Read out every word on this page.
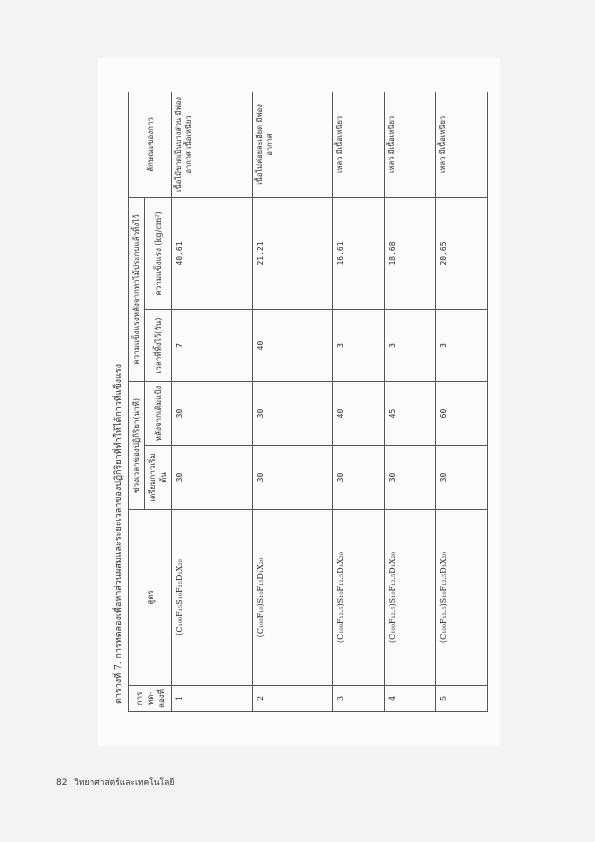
ตารางที่ 7. การทดลองเพื่อหาส่วนผสมและระยะเวลาของปฏิกิริยาที่ทำให้ได้กาวที่แข็งแรง การทด-ลองที่	สูตร	ช่วงเวลาของปฏิกิริยา(นาที)		ความแข็งแรงหลังจากทาไม้ประกบแล้วทิ้งไว้		ลักษณะของกาว
		เตรียมกาวเริ่มต้น	หลังจากเติมแป้ง	เวลาที่ทิ้งไว้(วัน)	ความแข็งแรง (kg/cm²)	
1	(C₁₀₀F₁₅S₁₀F₁₅D₁X₂₀	30	30	7	40.61	เนื้อไม้ขาดเป็นบางส่วน มีฟองอากาศ เนื้อเหนียว
2	(C₁₀₀F₁₀)S₁₀F₁₅D₁X₂₀	30	30	40	21.21	เนื้อไม่ค่อยละเอียด มีฟองอากาศ
3	(C₁₀₀F₁₂.₅)S₁₀F₁₂.₅D₁X₂₀	30	40	3	16.61	เหลว มีเนื้อเหนียว
4	(C₁₀₀F₁₂.₅)S₁₀F₁₂.₅D₁X₂₀	30	45	3	18.68	เหลว มีเนื้อเหนียว
5	(C₁₀₀F₁₂.₅)S₁₀F₁₂.₅D₁X₂₀	30	60	3	20.65	เหลว มีเนื้อเหนียว
82 วิทยาศาสตร์และเทคโนโลยี
